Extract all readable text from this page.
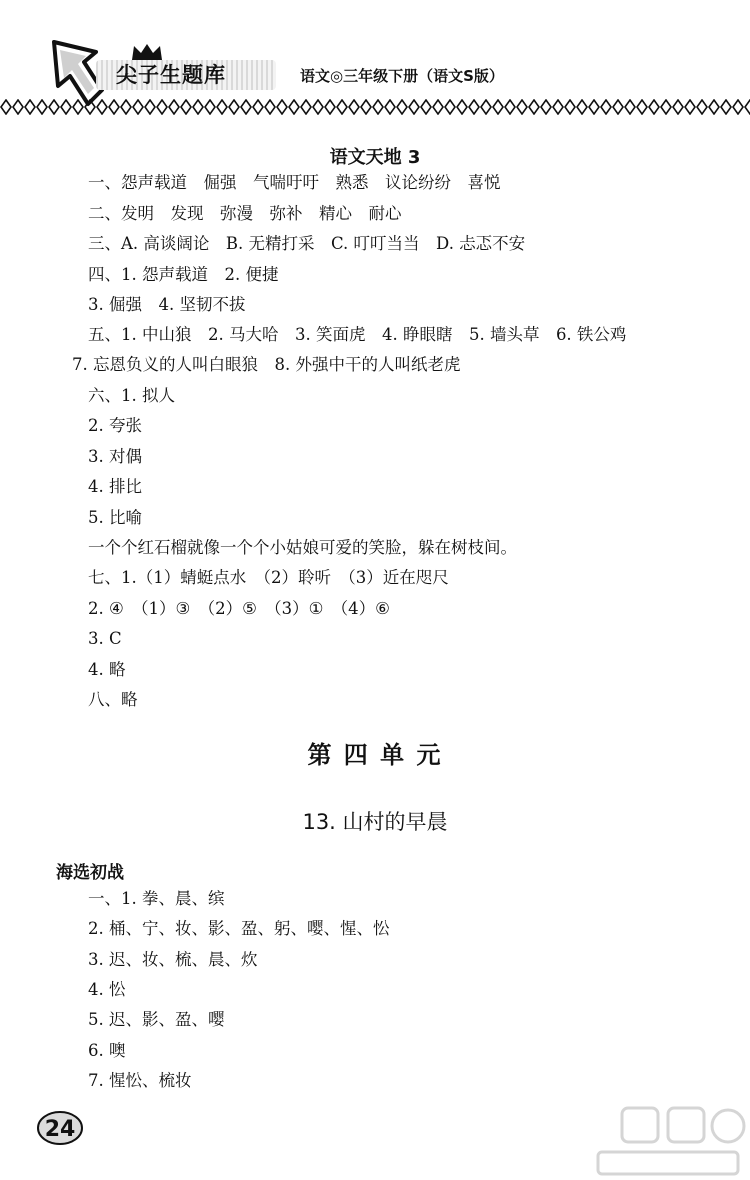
尖子生题库	语文◎三年级下册（语文S版）
语文天地 3
一、怨声载道　倔强　气喘吁吁　熟悉　议论纷纷　喜悦
二、发明　发现　弥漫　弥补　精心　耐心
三、A. 高谈阔论　B. 无精打采　C. 叮叮当当　D. 忐忑不安
四、1. 怨声载道　2. 便捷
3. 倔强　4. 坚韧不拔
五、1. 中山狼　2. 马大哈　3. 笑面虎　4. 睁眼瞎　5. 墙头草　6. 铁公鸡
7. 忘恩负义的人叫白眼狼　8. 外强中干的人叫纸老虎
六、1. 拟人
2. 夸张
3. 对偶
4. 排比
5. 比喻
一个个红石榴就像一个个小姑娘可爱的笑脸，躲在树枝间。
七、1.（1）蜻蜓点水　（2）聆听　（3）近在咫尺
2. ④　（1）③　（2）⑤　（3）①　（4）⑥
3. C
4. 略
八、略
第 四 单 元
13. 山村的早晨
海选初战
一、1. 拳、晨、缤
2. 桶、宁、妆、影、盈、躬、嘤、惺、忪
3. 迟、妆、梳、晨、炊
4. 忪
5. 迟、影、盈、嘤
6. 噢
7. 惺忪、梳妆
24
